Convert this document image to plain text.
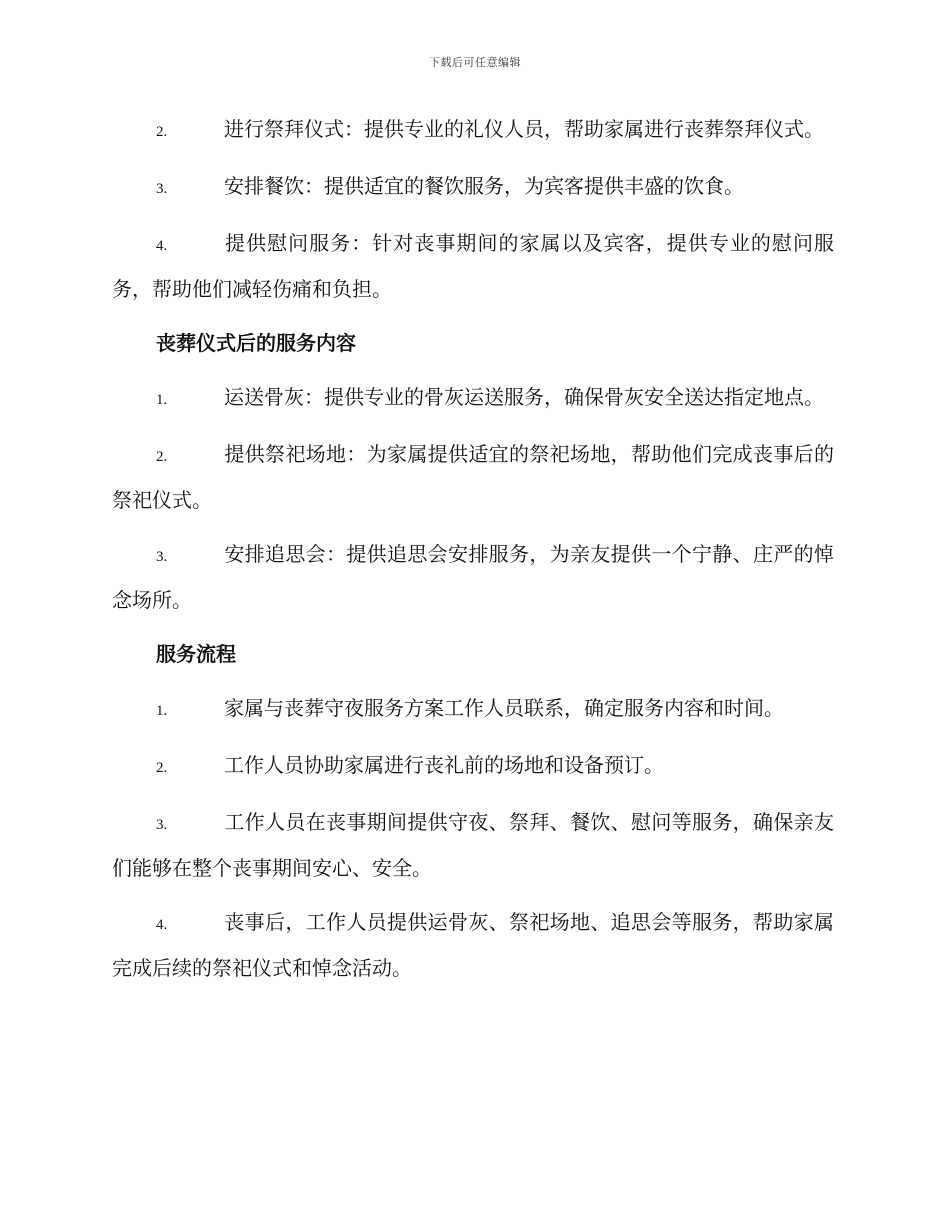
下载后可任意编辑

2.	进行祭拜仪式：提供专业的礼仪人员，帮助家属进行丧葬祭拜仪式。

3.	安排餐饮：提供适宜的餐饮服务，为宾客提供丰盛的饮食。

4.	提供慰问服务：针对丧事期间的家属以及宾客，提供专业的慰问服务，帮助他们减轻伤痛和负担。

丧葬仪式后的服务内容

1.	运送骨灰：提供专业的骨灰运送服务，确保骨灰安全送达指定地点。

2.	提供祭祀场地：为家属提供适宜的祭祀场地，帮助他们完成丧事后的祭祀仪式。

3.	安排追思会：提供追思会安排服务，为亲友提供一个宁静、庄严的悼念场所。

服务流程

1.	家属与丧葬守夜服务方案工作人员联系，确定服务内容和时间。

2.	工作人员协助家属进行丧礼前的场地和设备预订。

3.	工作人员在丧事期间提供守夜、祭拜、餐饮、慰问等服务，确保亲友们能够在整个丧事期间安心、安全。

4.	丧事后，工作人员提供运骨灰、祭祀场地、追思会等服务，帮助家属完成后续的祭祀仪式和悼念活动。
